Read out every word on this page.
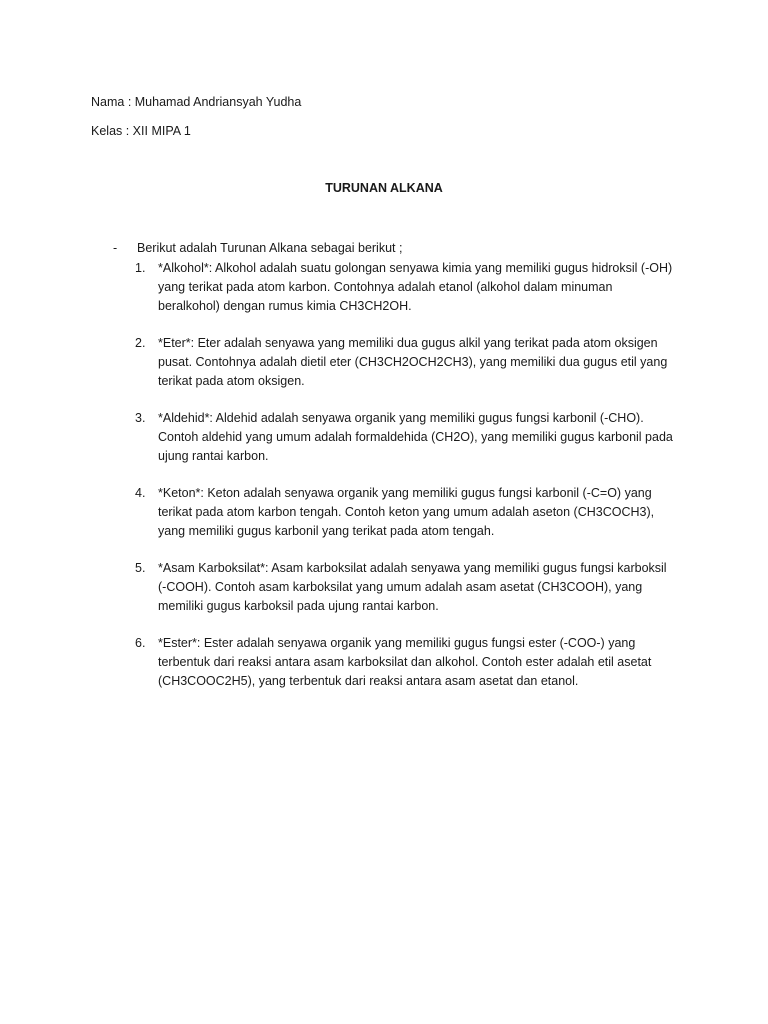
Nama : Muhamad Andriansyah Yudha
Kelas : XII MIPA 1
TURUNAN ALKANA
- Berikut adalah Turunan Alkana sebagai berikut ;
1. *Alkohol*: Alkohol adalah suatu golongan senyawa kimia yang memiliki gugus hidroksil (-OH) yang terikat pada atom karbon. Contohnya adalah etanol (alkohol dalam minuman beralkohol) dengan rumus kimia CH3CH2OH.
2. *Eter*: Eter adalah senyawa yang memiliki dua gugus alkil yang terikat pada atom oksigen pusat. Contohnya adalah dietil eter (CH3CH2OCH2CH3), yang memiliki dua gugus etil yang terikat pada atom oksigen.
3. *Aldehid*: Aldehid adalah senyawa organik yang memiliki gugus fungsi karbonil (-CHO). Contoh aldehid yang umum adalah formaldehida (CH2O), yang memiliki gugus karbonil pada ujung rantai karbon.
4. *Keton*: Keton adalah senyawa organik yang memiliki gugus fungsi karbonil (-C=O) yang terikat pada atom karbon tengah. Contoh keton yang umum adalah aseton (CH3COCH3), yang memiliki gugus karbonil yang terikat pada atom tengah.
5. *Asam Karboksilat*: Asam karboksilat adalah senyawa yang memiliki gugus fungsi karboksil (-COOH). Contoh asam karboksilat yang umum adalah asam asetat (CH3COOH), yang memiliki gugus karboksil pada ujung rantai karbon.
6. *Ester*: Ester adalah senyawa organik yang memiliki gugus fungsi ester (-COO-) yang terbentuk dari reaksi antara asam karboksilat dan alkohol. Contoh ester adalah etil asetat (CH3COOC2H5), yang terbentuk dari reaksi antara asam asetat dan etanol.
